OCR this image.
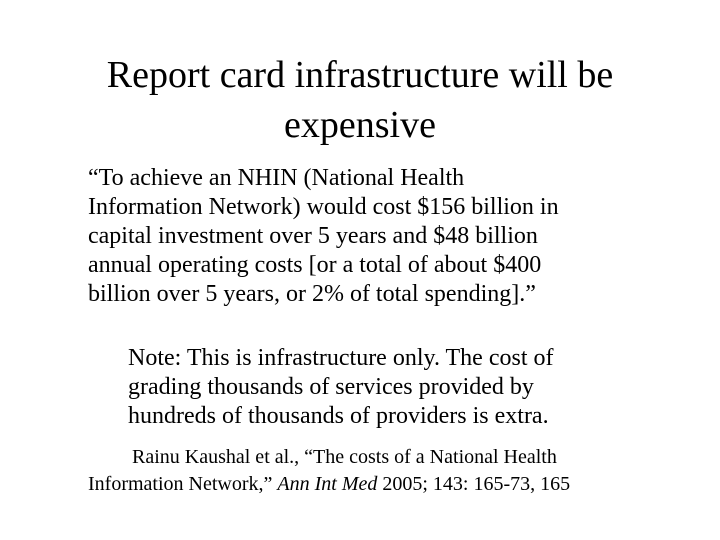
Report card infrastructure will be
expensive
“To achieve an NHIN (National Health
Information Network) would cost $156 billion in
capital investment over 5 years and $48 billion
annual operating costs [or a total of about $400
billion over 5 years, or 2% of total spending].”
Note: This is infrastructure only. The cost of
grading thousands of services provided by
hundreds of thousands of providers is extra.
Rainu Kaushal et al., “The costs of a National Health
Information Network,” Ann Int Med 2005; 143: 165-73, 165
